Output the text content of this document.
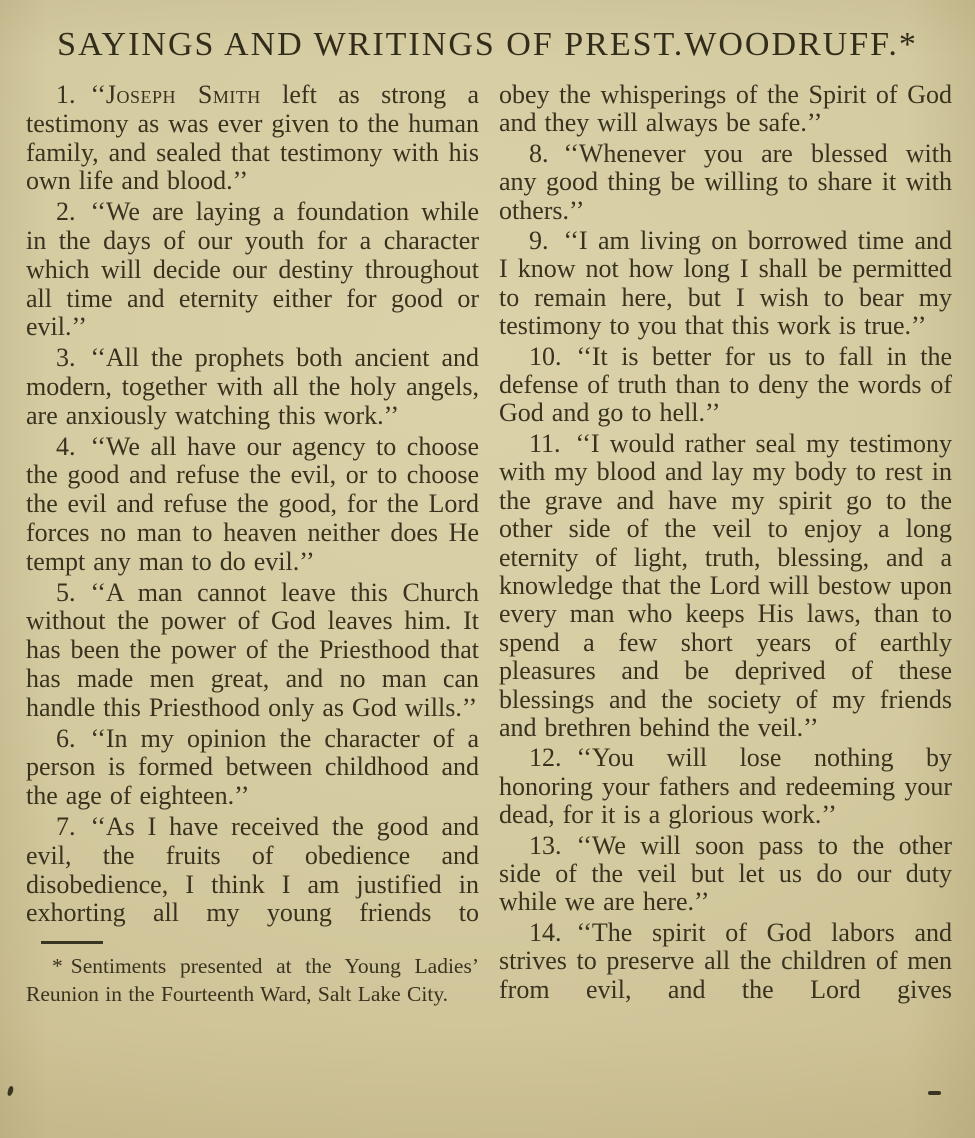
SAYINGS AND WRITINGS OF PREST.WOODRUFF.*

1. ‘‘Joseph Smith left as strong a testimony as was ever given to the human family, and sealed that testimony with his own life and blood.’’

2. ‘‘We are laying a foundation while in the days of our youth for a character which will decide our destiny throughout all time and eternity either for good or evil.’’

3. ‘‘All the prophets both ancient and modern, together with all the holy angels, are anxiously watching this work.’’

4. ‘‘We all have our agency to choose the good and refuse the evil, or to choose the evil and refuse the good, for the Lord forces no man to heaven neither does He tempt any man to do evil.’’

5. ‘‘A man cannot leave this Church without the power of God leaves him. It has been the power of the Priesthood that has made men great, and no man can handle this Priesthood only as God wills.’’

6. ‘‘In my opinion the character of a person is formed between childhood and the age of eighteen.’’

7. ‘‘As I have received the good and evil, the fruits of obedience and disobedience, I think I am justified in exhorting all my young friends to

* Sentiments presented at the Young Ladies’ Reunion in the Fourteenth Ward, Salt Lake City.

obey the whisperings of the Spirit of God and they will always be safe.’’

8. ‘‘Whenever you are blessed with any good thing be willing to share it with others.’’

9. ‘‘I am living on borrowed time and I know not how long I shall be permitted to remain here, but I wish to bear my testimony to you that this work is true.’’

10. ‘‘It is better for us to fall in the defense of truth than to deny the words of God and go to hell.’’

11. ‘‘I would rather seal my testimony with my blood and lay my body to rest in the grave and have my spirit go to the other side of the veil to enjoy a long eternity of light, truth, blessing, and a knowledge that the Lord will bestow upon every man who keeps His laws, than to spend a few short years of earthly pleasures and be deprived of these blessings and the society of my friends and brethren behind the veil.’’

12. ‘‘You will lose nothing by honoring your fathers and redeeming your dead, for it is a glorious work.’’

13. ‘‘We will soon pass to the other side of the veil but let us do our duty while we are here.’’

14. ‘‘The spirit of God labors and strives to preserve all the children of men from evil, and the Lord gives
